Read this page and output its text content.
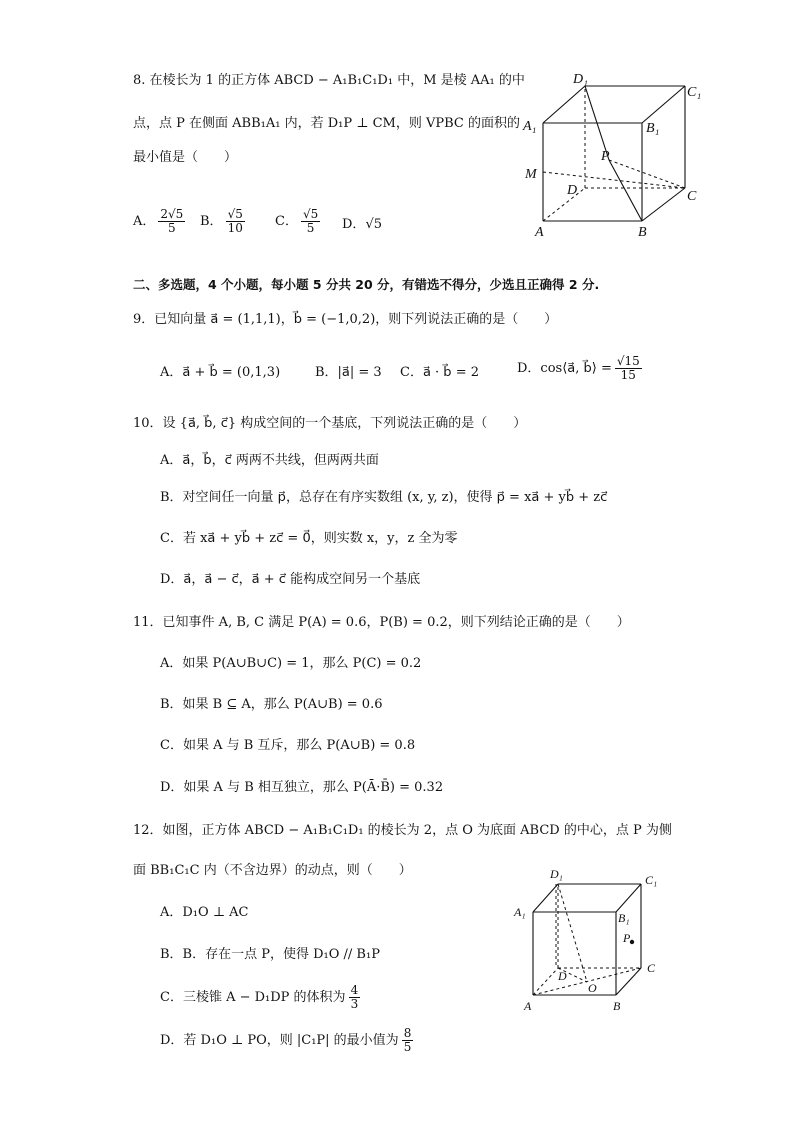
8. 在棱长为 1 的正方体 ABCD − A₁B₁C₁D₁ 中，M 是棱 AA₁ 的中
点，点 P 在侧面 ABB₁A₁ 内，若 D₁P ⊥ CM，则 VPBC 的面积的
最小值是（　　）
A． $\frac{2√5}{5}$ B． $\frac{√5}{10}$ C． $\frac{√5}{5}$ D．√5
D₁
C₁
A₁	B₁
P
M
D	C
A	B
二、多选题，4 个小题，每小题 5 分共 20 分，有错选不得分，少选且正确得 2 分.
9．已知向量 a⃗ = (1,1,1)，b⃗ = (−1,0,2)，则下列说法正确的是（　　）
A．a⃗ + b⃗ = (0,1,3)	B．|a⃗| = 3 C．a⃗ · b⃗ = 2	D．cos⟨a⃗, b⃗⟩ = $\frac{√15}{15}$
10．设 {a⃗, b⃗, c⃗} 构成空间的一个基底，下列说法正确的是（　　）
A．a⃗，b⃗，c⃗ 两两不共线，但两两共面
B．对空间任一向量 p⃗，总存在有序实数组 (x, y, z)，使得 p⃗ = xa⃗ + yb⃗ + zc⃗
C．若 xa⃗ + yb⃗ + zc⃗ = 0⃗，则实数 x，y，z 全为零
D．a⃗，a⃗ − c⃗，a⃗ + c⃗ 能构成空间另一个基底
11．已知事件 A, B, C 满足 P(A) = 0.6，P(B) = 0.2，则下列结论正确的是（　　）
A．如果 P(A∪B∪C) = 1，那么 P(C) = 0.2
B．如果 B ⊆ A，那么 P(A∪B) = 0.6
C．如果 A 与 B 互斥，那么 P(A∪B) = 0.8
D．如果 A 与 B 相互独立，那么 P(Ā·B̄) = 0.32
12．如图，正方体 ABCD − A₁B₁C₁D₁ 的棱长为 2，点 O 为底面 ABCD 的中心，点 P 为侧
面 BB₁C₁C 内（不含边界）的动点，则（　　）
A．D₁O ⊥ AC
B．B．存在一点 P，使得 D₁O // B₁P
C．三棱锥 A − D₁DP 的体积为 $\frac{4}{3}$
D．若 D₁O ⊥ PO，则 |C₁P| 的最小值为 $\frac{8}{5}$
D₁	C₁
A₁	B₁
P
D
C
A
O
B
